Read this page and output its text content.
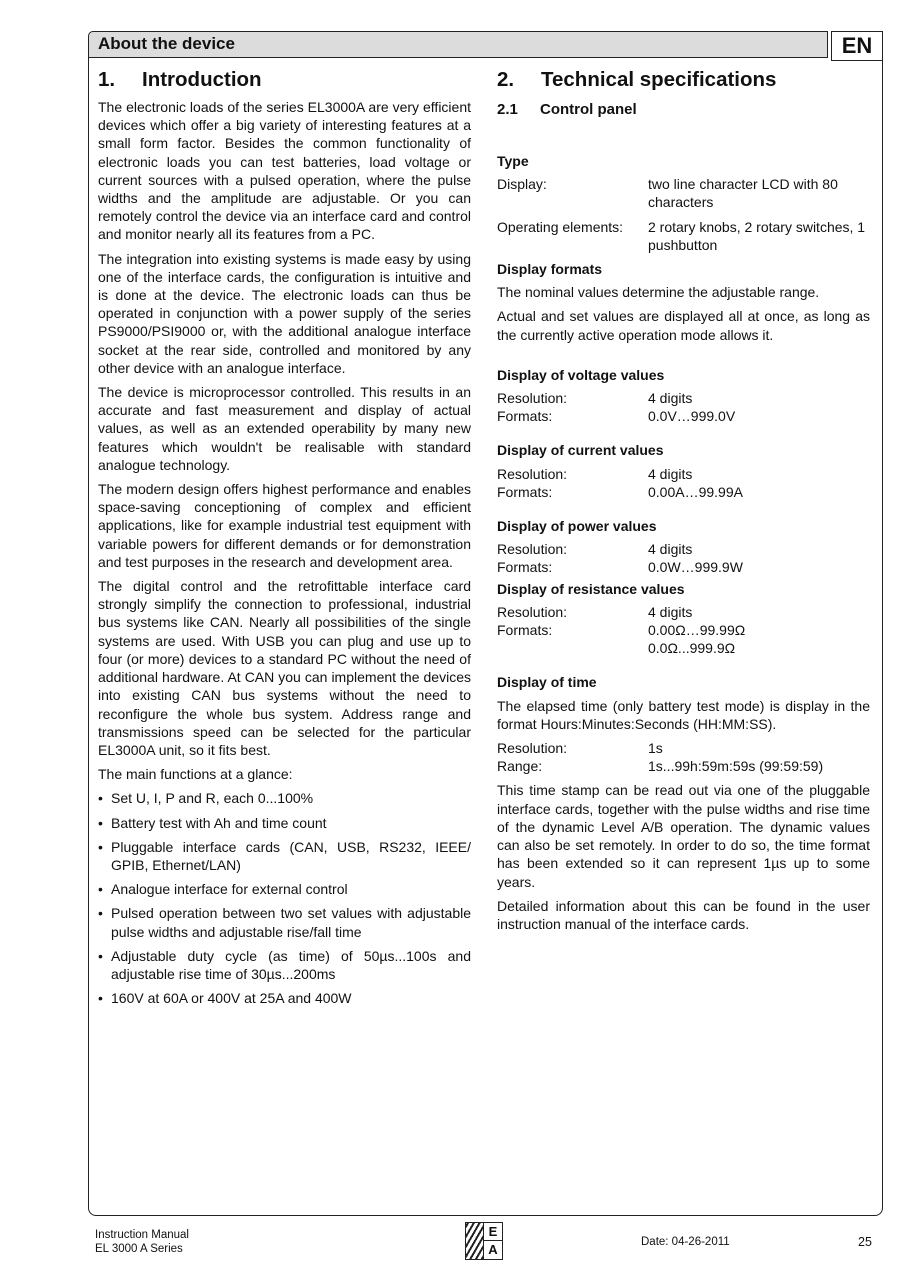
About the device	EN
1. Introduction

The electronic loads of the series EL3000A are very efficient devices which offer a big variety of interesting features at a small form factor. Besides the common functionality of electronic loads you can test batteries, load voltage or current sources with a pulsed operation, where the pulse widths and the amplitude are adjustable. Or you can remotely control the device via an interface card and control and monitor nearly all its features from a PC.

The integration into existing systems is made easy by using one of the interface cards, the configuration is intuitive and is done at the device. The electronic loads can thus be operated in conjunction with a power supply of the series PS9000/PSI9000 or, with the additional analogue interface socket at the rear side, controlled and monitored by any other device with an analogue interface.

The device is microprocessor controlled. This results in an accurate and fast measurement and display of actual values, as well as an extended operability by many new features which wouldn't be realisable with standard analogue technology.

The modern design offers highest performance and enables space-saving conceptioning of complex and efficient applications, like for example industrial test equipment with variable powers for different demands or for demonstration and test purposes in the research and development area.

The digital control and the retrofittable interface card strongly simplify the connection to professional, industrial bus systems like CAN. Nearly all possibilities of the single systems are used. With USB you can plug and use up to four (or more) devices to a standard PC without the need of additional hardware. At CAN you can implement the devices into existing CAN bus systems without the need to reconfigure the whole bus system. Address range and transmissions speed can be selected for the particular EL3000A unit, so it fits best.

The main functions at a glance:

• Set U, I, P and R, each 0...100%
• Battery test with Ah and time count
• Pluggable interface cards (CAN, USB, RS232, IEEE/ GPIB, Ethernet/LAN)
• Analogue interface for external control
• Pulsed operation between two set values with adjustable pulse widths and adjustable rise/fall time
• Adjustable duty cycle (as time) of 50µs...100s and adjustable rise time of 30µs...200ms
• 160V at 60A or 400V at 25A and 400W
2. Technical specifications
2.1 Control panel
Type
Display:	two line character LCD with 80 characters
Operating elements:	2 rotary knobs, 2 rotary switches, 1 pushbutton
Display formats

The nominal values determine the adjustable range.

Actual and set values are displayed all at once, as long as the currently active operation mode allows it.

Display of voltage values
Resolution:	4 digits
Formats:	0.0V…999.0V
Display of current values
Resolution:	4 digits
Formats:	0.00A…99.99A
Display of power values
Resolution:	4 digits
Formats:	0.0W…999.9W
Display of resistance values
Resolution:	4 digits
Formats:	0.00Ω…99.99Ω
0.0Ω...999.9Ω
Display of time

The elapsed time (only battery test mode) is display in the format Hours:Minutes:Seconds (HH:MM:SS).

Resolution:	1s
Range:	1s...99h:59m:59s (99:59:59)

This time stamp can be read out via one of the pluggable interface cards, together with the pulse widths and rise time of the dynamic Level A/B operation. The dynamic values can also be set remotely. In order to do so, the time format has been extended so it can represent 1µs up to some years.

Detailed information about this can be found in the user instruction manual of the interface cards.

Instruction Manual
EL 3000 A Series
E
A	Date: 04-26-2011	25
